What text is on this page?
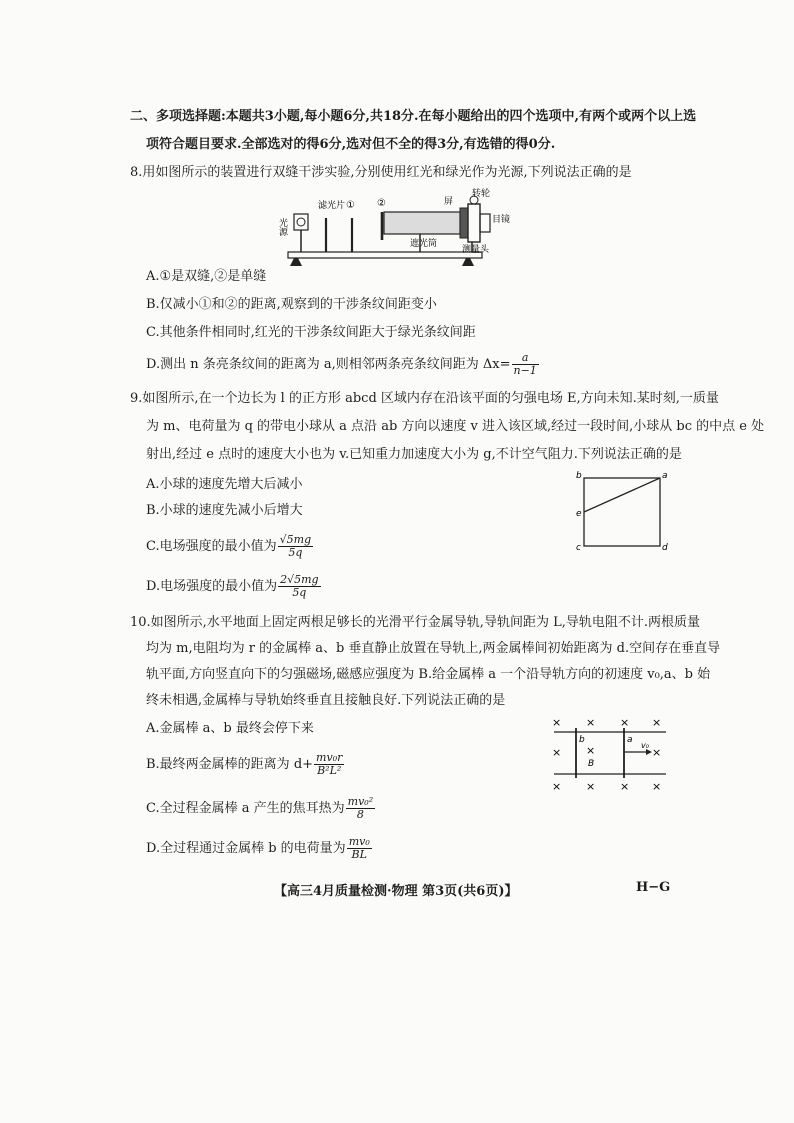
二、多项选择题:本题共3小题,每小题6分,共18分.在每小题给出的四个选项中,有两个或两个以上选
项符合题目要求.全部选对的得6分,选对但不全的得3分,有选错的得0分.
8.用如图所示的装置进行双缝干涉实验,分别使用红光和绿光作为光源,下列说法正确的是
光源
滤光片 ① ②	屏
转轮
目镜
遮光筒
测量头
A.①是双缝,②是单缝
B.仅减小①和②的距离,观察到的干涉条纹间距变小
C.其他条件相同时,红光的干涉条纹间距大于绿光条纹间距
D.测出 n 条亮条纹间的距离为 a,则相邻两条亮条纹间距为 $\Delta x= \frac{a}{n-1}$
9.如图所示,在一个边长为 l 的正方形 abcd 区域内存在沿该平面的匀强电场 E,方向未知.某时刻,一质量
为 m、电荷量为 q 的带电小球从 a 点沿 ab 方向以速度 v 进入该区域,经过一段时间,小球从 bc 的中点 e 处
射出,经过 e 点时的速度大小也为 v.已知重力加速度大小为 g,不计空气阻力.下列说法正确的是
A.小球的速度先增大后减小
B.小球的速度先减小后增大
C.电场强度的最小值为 $\frac{√5mg}{5q}$
D.电场强度的最小值为 $\frac{2√5mg}{5q}$
b	a
c	d
e
10.如图所示,水平地面上固定两根足够长的光滑平行金属导轨,导轨间距为 L,导轨电阻不计.两根质量
均为 m,电阻均为 r 的金属棒 a、b 垂直静止放置在导轨上,两金属棒间初始距离为 d.空间存在垂直导
轨平面,方向竖直向下的匀强磁场,磁感应强度为 B.给金属棒 a 一个沿导轨方向的初速度 v₀,a、b 始
终未相遇,金属棒与导轨始终垂直且接触良好.下列说法正确的是
A.金属棒 a、b 最终会停下来
B.最终两金属棒的距离为 $d+ \frac{\text{mv₀r}}{\text{B²L²}}$
C.全过程金属棒 a 产生的焦耳热为 $\frac{\text{mv₀²}}{8}$
D.全过程通过金属棒 b 的电荷量为 $\frac{\text{mv₀}}{BL}$
× × × ×
× ×	×
× × × ×
b	a
B
v₀
【高三4月质量检测·物理 第3页(共6页)】	H−G
